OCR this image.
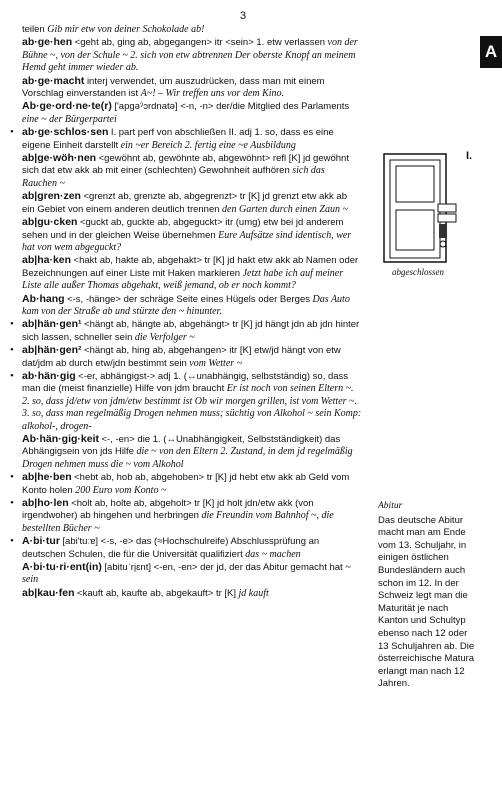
3
A

teilen Gib mir etw von deiner Schokolade ab!

ab·ge·hen <geht ab, ging ab, abgegangen> itr <sein> 1. etw verlassen von der Bühne ~, von der Schule ~ 2. sich von etw abtrennen Der oberste Knopf an meinem Hemd geht immer wieder ab.

ab·ge·macht interj verwendet, um auszudrücken, dass man mit einem Vorschlag einverstanden ist A~! – Wir treffen uns vor dem Kino.

Ab·ge·ord·ne·te(r) ['apgəˀɔrdnatə] <-n, -n> der/die Mitglied des Parlaments eine ~ der Bürgerpartei

• ab·ge·schlos·sen I. part perf von abschließen II. adj 1. so, dass es eine eigene Einheit darstellt ein ~er Bereich 2. fertig eine ~e Ausbildung

ab|ge·wöh·nen <gewöhnt ab, gewöhnte ab, abgewöhnt> refl [K] jd gewöhnt sich dat etw akk ab mit einer (schlechten) Gewohnheit aufhören sich das Rauchen ~

ab|gren·zen <grenzt ab, grenzte ab, abgegrenzt> tr [K] jd grenzt etw akk ab ein Gebiet von einem anderen deutlich trennen den Garten durch einen Zaun ~

ab|gu·cken <guckt ab, guckte ab, abgeguckt> itr (umg) etw bei jd anderem sehen und in der gleichen Weise übernehmen Eure Aufsätze sind identisch, wer hat von wem abgeguckt?

ab|ha·ken <hakt ab, hakte ab, abgehakt> tr [K] jd hakt etw akk ab Namen oder Bezeichnungen auf einer Liste mit Haken markieren Jetzt habe ich auf meiner Liste alle außer Thomas abgehakt, weiß jemand, ob er noch kommt?

Ab·hang <-s, -hänge> der schräge Seite eines Hügels oder Berges Das Auto kam von der Straße ab und stürzte den ~ hinunter.

• ab|hän·gen¹ <hängt ab, hängte ab, abgehängt> tr [K] jd hängt jdn ab jdn hinter sich lassen, schneller sein die Verfolger ~

• ab|hän·gen² <hängt ab, hing ab, abgehangen> itr [K] etw/jd hängt von etw dat/jdm ab durch etw/jdn bestimmt sein vom Wetter ~

• ab·hän·gig <-er, abhängigst-> adj 1. (↔unabhängig, selbstständig) so, dass man die (meist finanzielle) Hilfe von jdm braucht Er ist noch von seinen Eltern ~. 2. so, dass jd/etw von jdm/etw bestimmt ist Ob wir morgen grillen, ist vom Wetter ~. 3. so, dass man regelmäßig Drogen nehmen muss; süchtig von Alkohol ~ sein Komp: alkohol-, drogen-

Ab·hän·gig·keit <-, -en> die 1. (↔Unabhängigkeit, Selbstständigkeit) das Abhängigsein von jds Hilfe die ~ von den Eltern 2. Zustand, in dem jd regelmäßig Drogen nehmen muss die ~ vom Alkohol

• ab|he·ben <hebt ab, hob ab, abgehoben> tr [K] jd hebt etw akk ab Geld vom Konto holen 200 Euro vom Konto ~

• ab|ho·len <holt ab, holte ab, abgeholt> tr [K] jd holt jdn/etw akk (von irgendwoher) ab hingehen und herbringen die Freundin vom Bahnhof ~, die bestellten Bücher ~

• A·bi·tur [abi'tuːɐ] <-s, -e> das (≈Hochschulreife) Abschlussprüfung an deutschen Schulen, die für die Universität qualifiziert das ~ machen

A·bi·tu·ri·ent(in) [abituˈri̯ɛnt] <-en, -en> der jd, der das Abitur gemacht hat ~ sein

ab|kau·fen <kauft ab, kaufte ab, abgekauft> tr [K] jd kauft

I.
abgeschlossen
Abitur
Das deutsche Abitur macht man am Ende vom 13. Schuljahr, in einigen östlichen Bundesländern auch schon im 12. In der Schweiz legt man die Maturität je nach Kanton und Schultyp ebenso nach 12 oder 13 Schuljahren ab. Die österreichische Matura erlangt man nach 12 Jahren.
